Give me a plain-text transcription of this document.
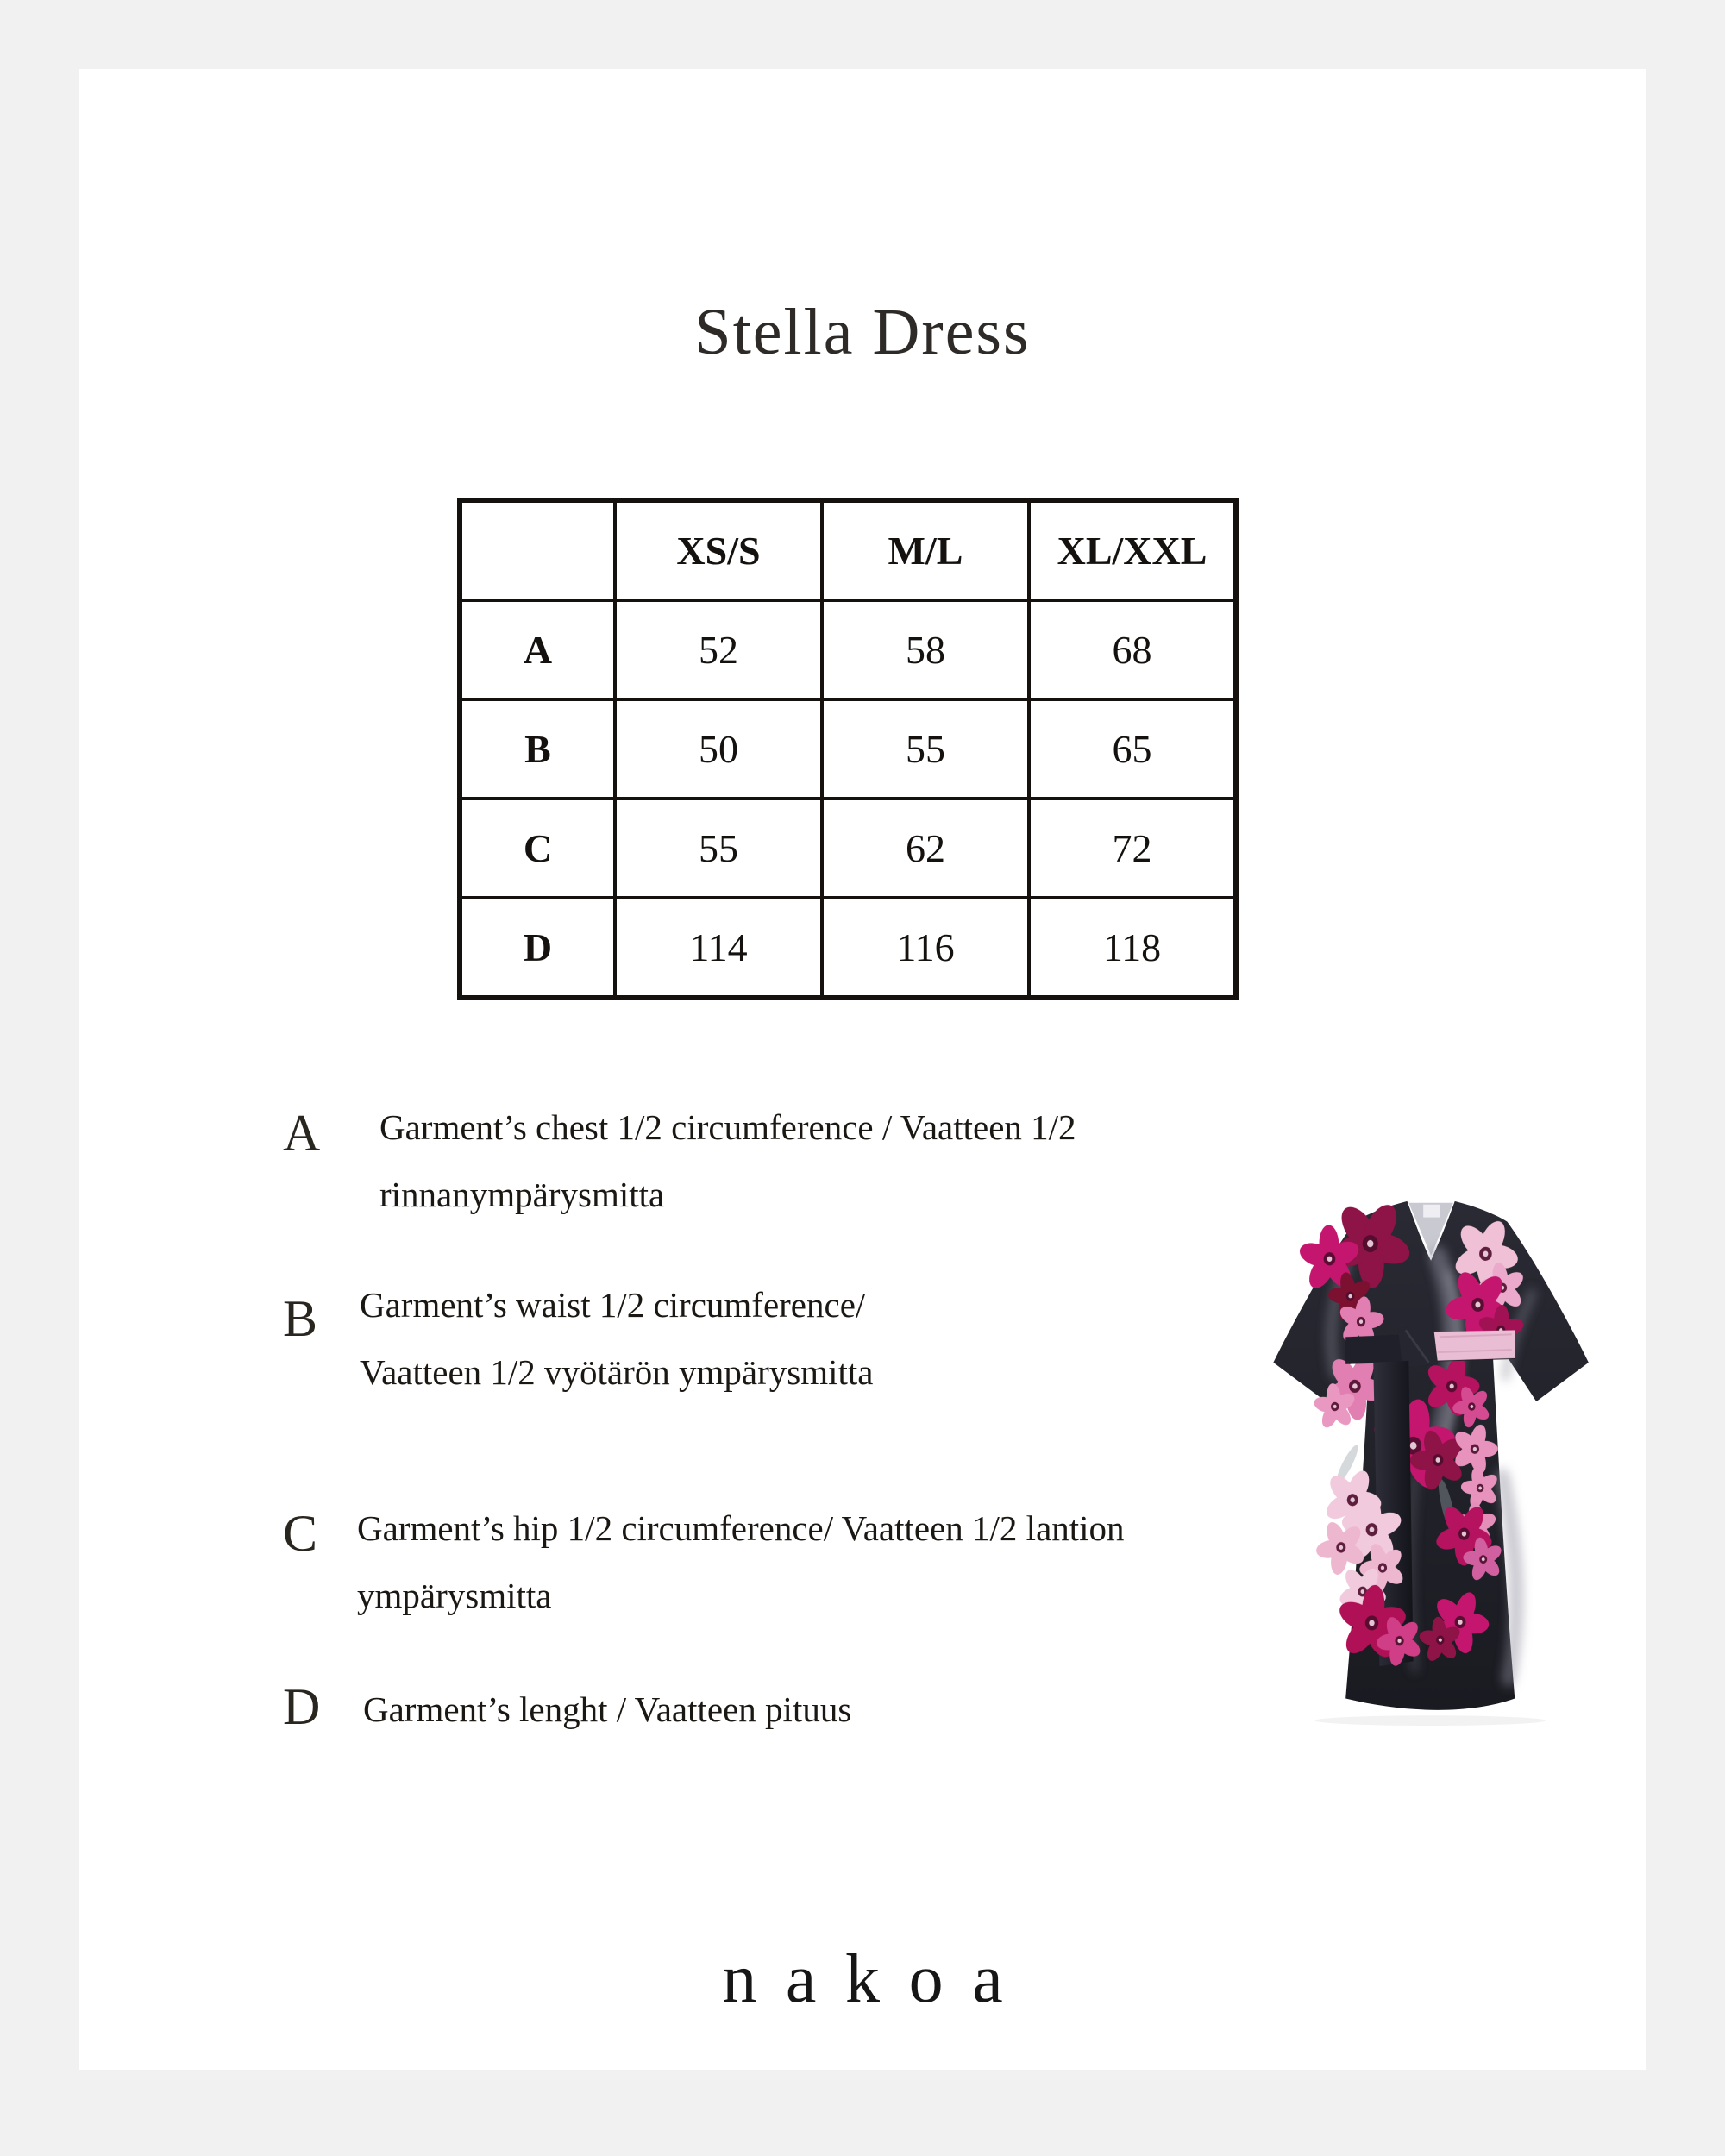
Stella Dress
	XS/S	M/L	XL/XXL
A	52	58	68
B	50	55	65
C	55	62	72
D	114	116	118
A Garment’s chest 1/2 circumference / Vaatteen 1/2
rinnanympärysmitta
B Garment’s waist 1/2 circumference/
Vaatteen 1/2 vyötärön ympärysmitta
C Garment’s hip 1/2 circumference/ Vaatteen 1/2 lantion
ympärysmitta
D Garment’s lenght / Vaatteen pituus
nakoa
